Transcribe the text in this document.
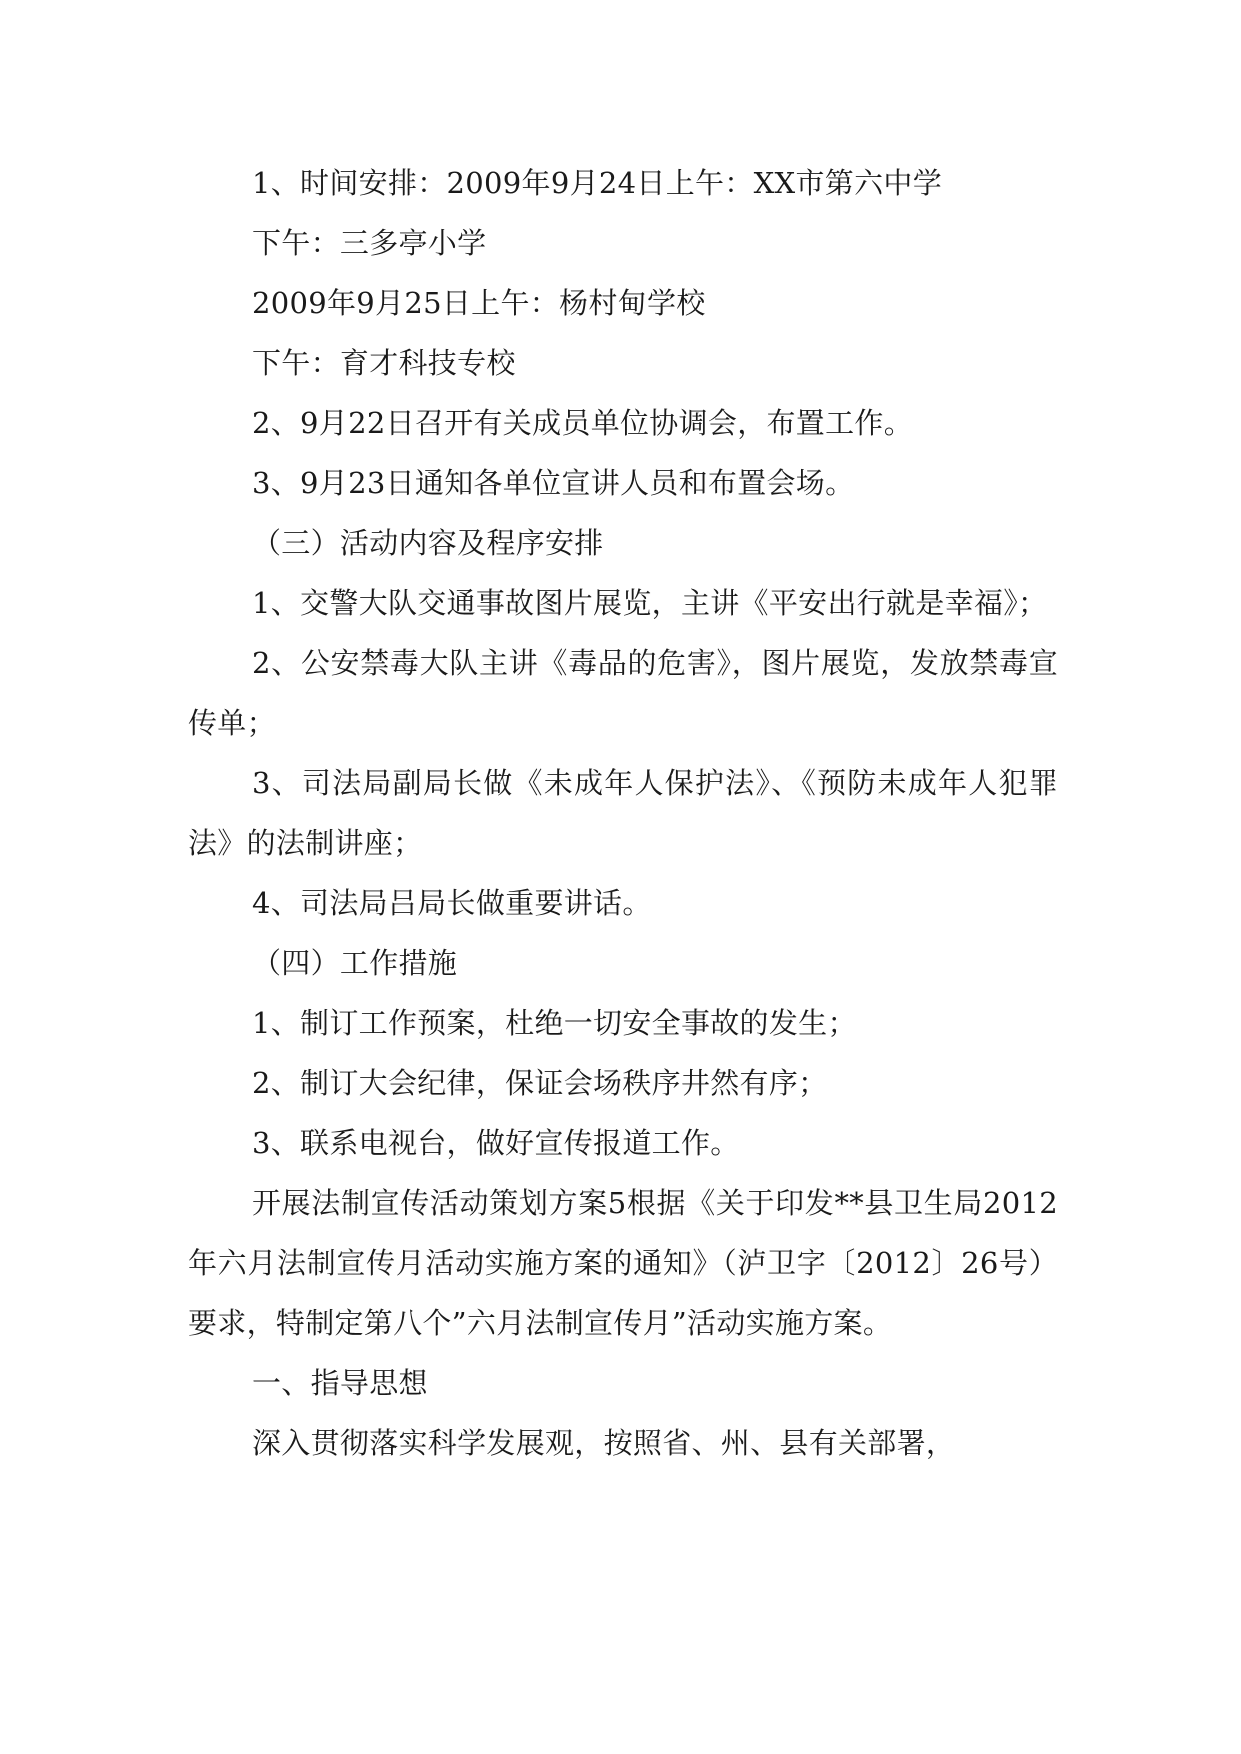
1、时间安排：2009年9月24日上午：XX市第六中学

下午：三多亭小学

2009年9月25日上午：杨村甸学校

下午：育才科技专校

2、9月22日召开有关成员单位协调会，布置工作。

3、9月23日通知各单位宣讲人员和布置会场。

（三）活动内容及程序安排

1、交警大队交通事故图片展览，主讲《平安出行就是幸福》；

2、公安禁毒大队主讲《毒品的危害》，图片展览，发放禁毒宣传单；

3、司法局副局长做《未成年人保护法》、《预防未成年人犯罪法》的法制讲座；

4、司法局吕局长做重要讲话。

（四）工作措施

1、制订工作预案，杜绝一切安全事故的发生；

2、制订大会纪律，保证会场秩序井然有序；

3、联系电视台，做好宣传报道工作。

开展法制宣传活动策划方案5根据《关于印发**县卫生局2012年六月法制宣传月活动实施方案的通知》（泸卫字〔2012〕26号）要求，特制定第八个”六月法制宣传月”活动实施方案。

一、指导思想

深入贯彻落实科学发展观，按照省、州、县有关部署，
